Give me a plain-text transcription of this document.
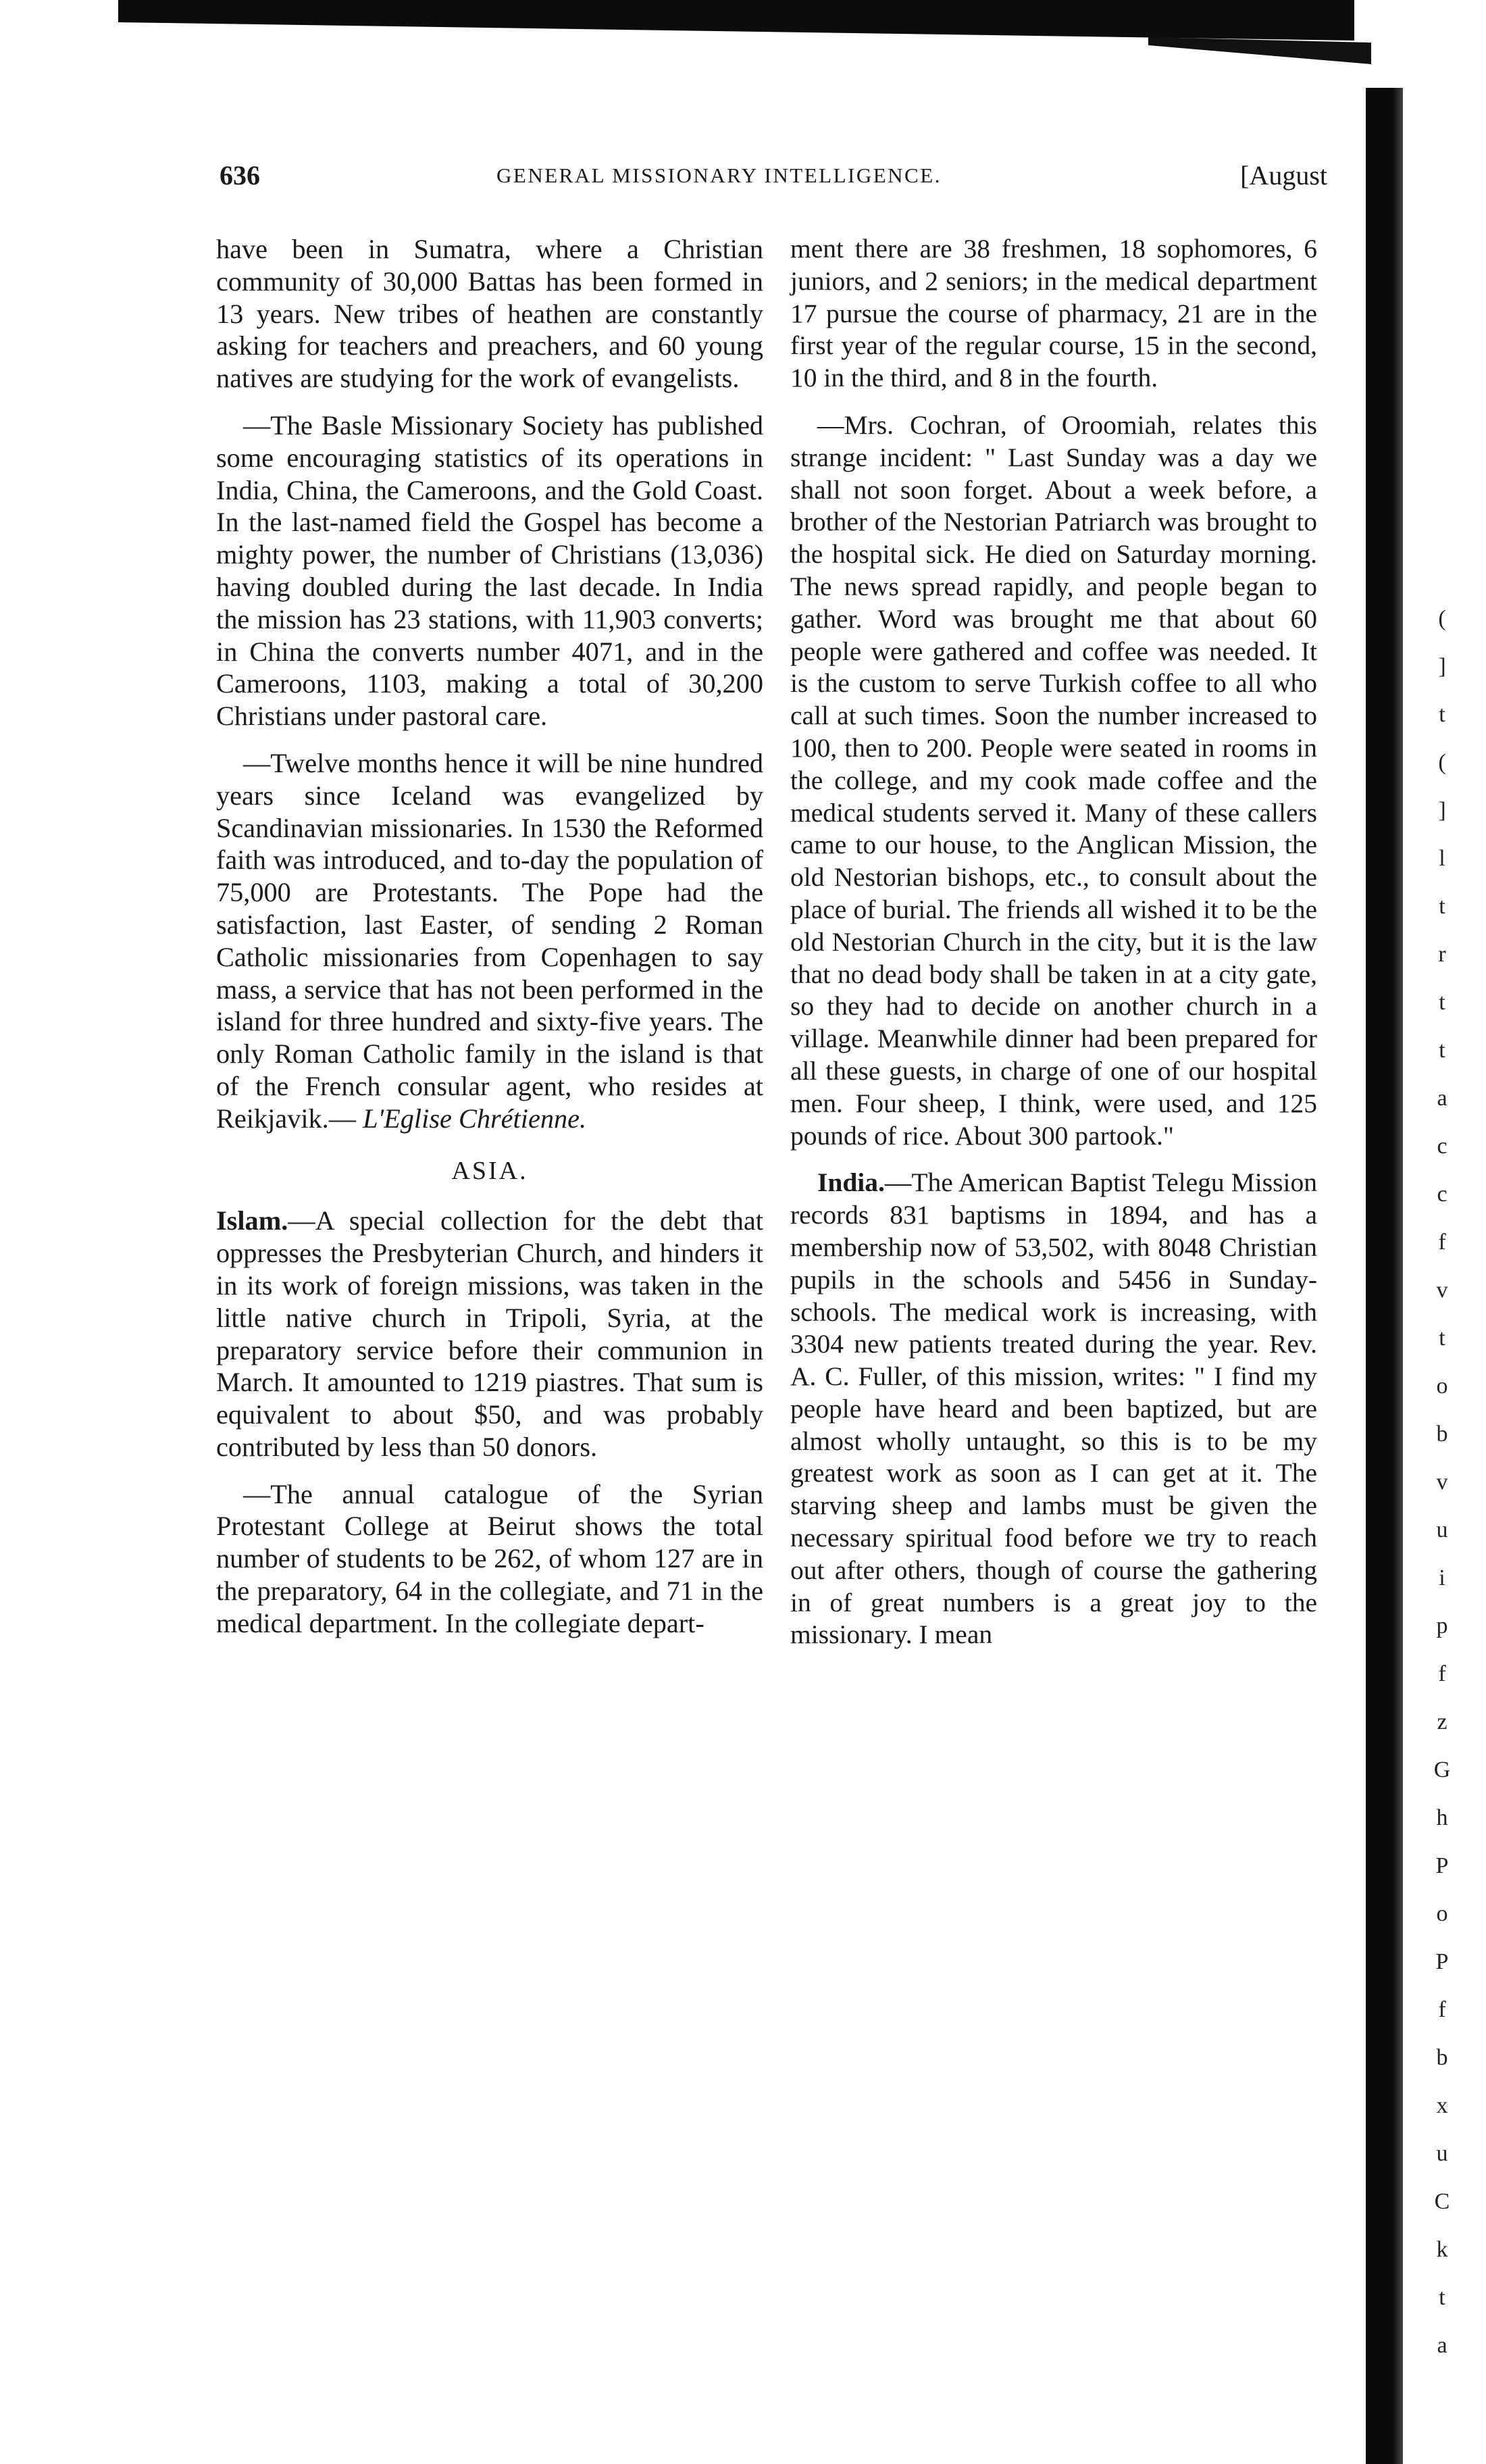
636	GENERAL MISSIONARY INTELLIGENCE.	[August

have been in Sumatra, where a Christian community of 30,000 Battas has been formed in 13 years. New tribes of heathen are constantly asking for teachers and preachers, and 60 young natives are studying for the work of evangelists.

—The Basle Missionary Society has published some encouraging statistics of its operations in India, China, the Cameroons, and the Gold Coast. In the last-named field the Gospel has become a mighty power, the number of Christians (13,036) having doubled during the last decade. In India the mission has 23 stations, with 11,903 converts; in China the converts number 4071, and in the Cameroons, 1103, making a total of 30,200 Christians under pastoral care.

—Twelve months hence it will be nine hundred years since Iceland was evangelized by Scandinavian missionaries. In 1530 the Reformed faith was introduced, and to-day the population of 75,000 are Protestants. The Pope had the satisfaction, last Easter, of sending 2 Roman Catholic missionaries from Copenhagen to say mass, a service that has not been performed in the island for three hundred and sixty-five years. The only Roman Catholic family in the island is that of the French consular agent, who resides at Reikjavik.— L'Eglise Chrétienne.

ASIA.

Islam.—A special collection for the debt that oppresses the Presbyterian Church, and hinders it in its work of foreign missions, was taken in the little native church in Tripoli, Syria, at the preparatory service before their communion in March. It amounted to 1219 piastres. That sum is equivalent to about $50, and was probably contributed by less than 50 donors.

—The annual catalogue of the Syrian Protestant College at Beirut shows the total number of students to be 262, of whom 127 are in the preparatory, 64 in the collegiate, and 71 in the medical department. In the collegiate depart-

ment there are 38 freshmen, 18 sophomores, 6 juniors, and 2 seniors; in the medical department 17 pursue the course of pharmacy, 21 are in the first year of the regular course, 15 in the second, 10 in the third, and 8 in the fourth.

—Mrs. Cochran, of Oroomiah, relates this strange incident: " Last Sunday was a day we shall not soon forget. About a week before, a brother of the Nestorian Patriarch was brought to the hospital sick. He died on Saturday morning. The news spread rapidly, and people began to gather. Word was brought me that about 60 people were gathered and coffee was needed. It is the custom to serve Turkish coffee to all who call at such times. Soon the number increased to 100, then to 200. People were seated in rooms in the college, and my cook made coffee and the medical students served it. Many of these callers came to our house, to the Anglican Mission, the old Nestorian bishops, etc., to consult about the place of burial. The friends all wished it to be the old Nestorian Church in the city, but it is the law that no dead body shall be taken in at a city gate, so they had to decide on another church in a village. Meanwhile dinner had been prepared for all these guests, in charge of one of our hospital men. Four sheep, I think, were used, and 125 pounds of rice. About 300 partook."

India.—The American Baptist Telegu Mission records 831 baptisms in 1894, and has a membership now of 53,502, with 8048 Christian pupils in the schools and 5456 in Sunday-schools. The medical work is increasing, with 3304 new patients treated during the year. Rev. A. C. Fuller, of this mission, writes: " I find my people have heard and been baptized, but are almost wholly untaught, so this is to be my greatest work as soon as I can get at it. The starving sheep and lambs must be given the necessary spiritual food before we try to reach out after others, though of course the gathering in of great numbers is a great joy to the missionary. I mean

(
]
t
(
]
l
t
r
t
t
a
c
c
f
v
t
o
b
v
u
i
p
f
z
G
h
P
o
P
f
b
x
u
C
k
t
a
